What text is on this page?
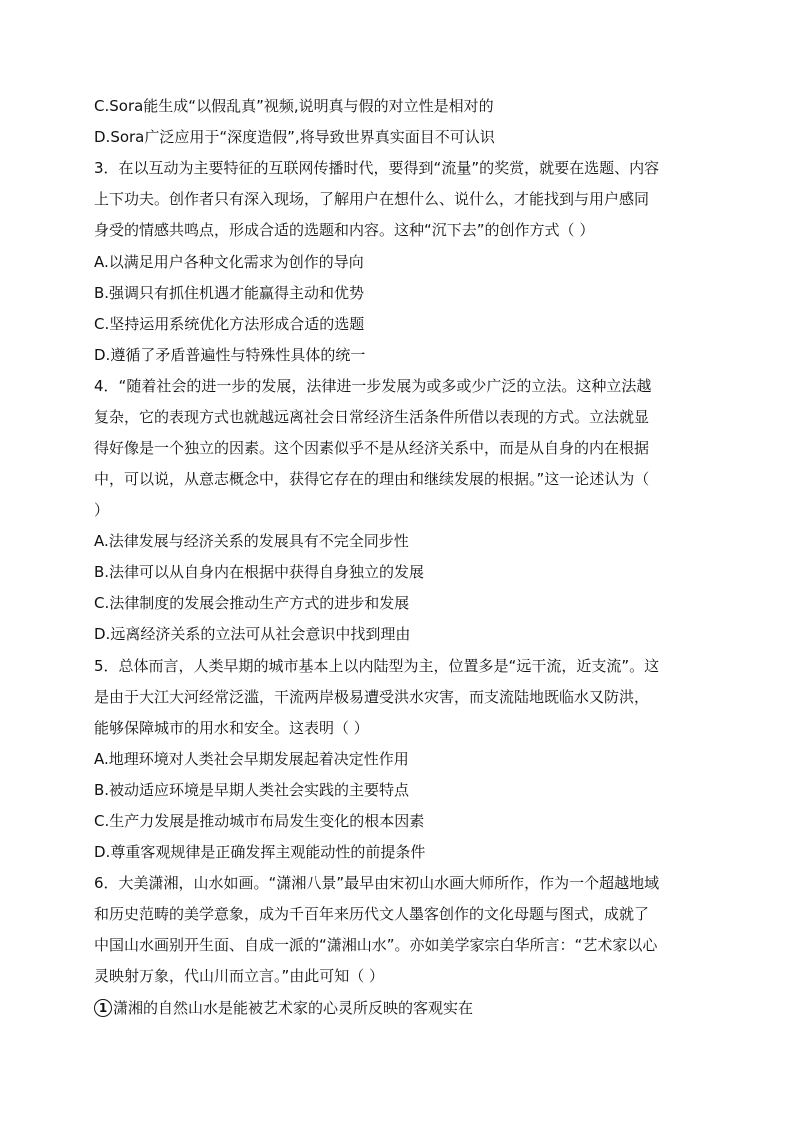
C.Sora能生成“以假乱真”视频,说明真与假的对立性是相对的
D.Sora广泛应用于“深度造假”,将导致世界真实面目不可认识
3．在以互动为主要特征的互联网传播时代，要得到“流量”的奖赏，就要在选题、内容
上下功夫。创作者只有深入现场，了解用户在想什么、说什么，才能找到与用户感同
身受的情感共鸣点，形成合适的选题和内容。这种“沉下去”的创作方式（ ）
A.以满足用户各种文化需求为创作的导向
B.强调只有抓住机遇才能赢得主动和优势
C.坚持运用系统优化方法形成合适的选题
D.遵循了矛盾普遍性与特殊性具体的统一
4．“随着社会的进一步的发展，法律进一步发展为或多或少广泛的立法。这种立法越
复杂，它的表现方式也就越远离社会日常经济生活条件所借以表现的方式。立法就显
得好像是一个独立的因素。这个因素似乎不是从经济关系中，而是从自身的内在根据
中，可以说，从意志概念中，获得它存在的理由和继续发展的根据。”这一论述认为（
）
A.法律发展与经济关系的发展具有不完全同步性
B.法律可以从自身内在根据中获得自身独立的发展
C.法律制度的发展会推动生产方式的进步和发展
D.远离经济关系的立法可从社会意识中找到理由
5．总体而言，人类早期的城市基本上以内陆型为主，位置多是“远干流，近支流”。这
是由于大江大河经常泛滥，干流两岸极易遭受洪水灾害，而支流陆地既临水又防洪，
能够保障城市的用水和安全。这表明（ ）
A.地理环境对人类社会早期发展起着决定性作用
B.被动适应环境是早期人类社会实践的主要特点
C.生产力发展是推动城市布局发生变化的根本因素
D.尊重客观规律是正确发挥主观能动性的前提条件
6．大美潇湘，山水如画。“潇湘八景”最早由宋初山水画大师所作，作为一个超越地域
和历史范畴的美学意象，成为千百年来历代文人墨客创作的文化母题与图式，成就了
中国山水画别开生面、自成一派的“潇湘山水”。亦如美学家宗白华所言：“艺术家以心
灵映射万象，代山川而立言。”由此可知（ ）
1 潇湘的自然山水是能被艺术家的心灵所反映的客观实在
